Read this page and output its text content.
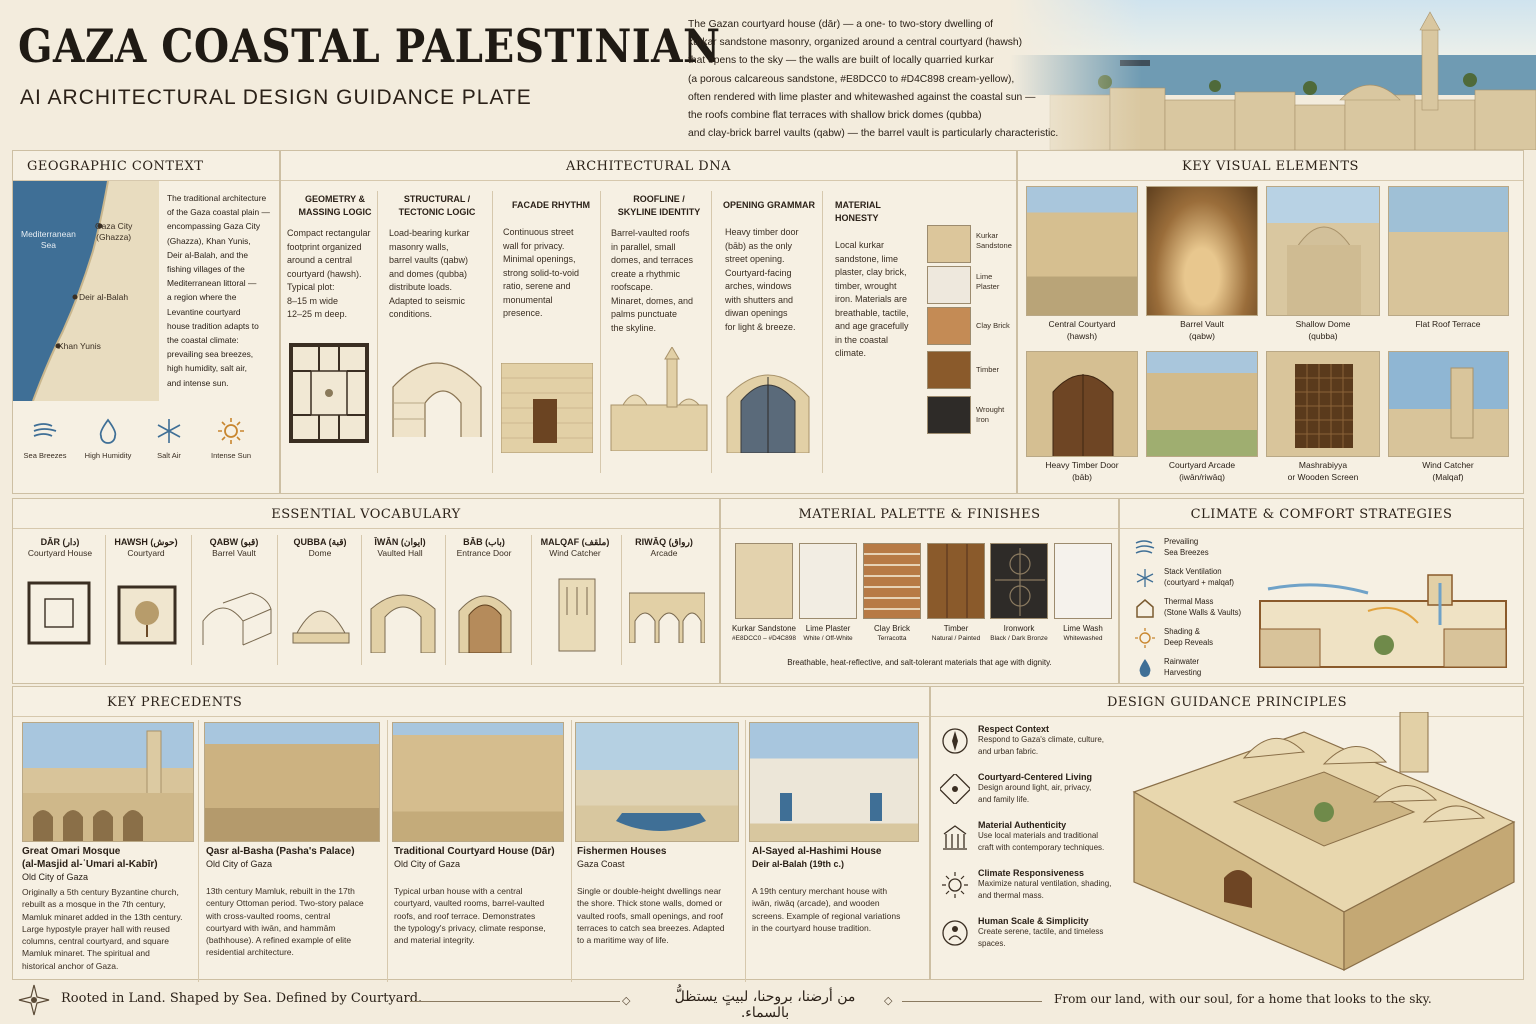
GAZA COASTAL PALESTINIAN
AI ARCHITECTURAL DESIGN GUIDANCE PLATE
The Gazan courtyard house (dār) — a one- to two-story dwelling of
kurkar sandstone masonry, organized around a central courtyard (hawsh)
that opens to the sky — the walls are built of locally quarried kurkar
(a porous calcareous sandstone, #E8DCC0 to #D4C898 cream-yellow),
often rendered with lime plaster and whitewashed against the coastal sun —
the roofs combine flat terraces with shallow brick domes (qubba)
and clay-brick barrel vaults (qabw) — the barrel vault is particularly characteristic.
GEOGRAPHIC CONTEXT
Mediterranean
Sea
Gaza City
(Ghazza)
Deir al-Balah
Khan Yunis
The traditional architecture
of the Gaza coastal plain —
encompassing Gaza City
(Ghazza), Khan Yunis,
Deir al-Balah, and the
fishing villages of the
Mediterranean littoral —
a region where the
Levantine courtyard
house tradition adapts to
the coastal climate:
prevailing sea breezes,
high humidity, salt air,
and intense sun.
Sea Breezes	High Humidity	Salt Air	Intense Sun
ARCHITECTURAL DNA
GEOMETRY &
MASSING LOGIC
Compact rectangular
footprint organized
around a central
courtyard (hawsh).
Typical plot:
8–15 m wide
12–25 m deep.
STRUCTURAL /
TECTONIC LOGIC
Load-bearing kurkar
masonry walls,
barrel vaults (qabw)
and domes (qubba)
distribute loads.
Adapted to seismic
conditions.
FACADE RHYTHM
Continuous street
wall for privacy.
Minimal openings,
strong solid-to-void
ratio, serene and
monumental
presence.
ROOFLINE /
SKYLINE IDENTITY
Barrel-vaulted roofs
in parallel, small
domes, and terraces
create a rhythmic
roofscape.
Minaret, domes, and
palms punctuate
the skyline.
OPENING GRAMMAR
Heavy timber door
(bāb) as the only
street opening.
Courtyard-facing
arches, windows
with shutters and
diwan openings
for light & breeze.
MATERIAL HONESTY
Local kurkar
sandstone, lime
plaster, clay brick,
timber, wrought
iron. Materials are
breathable, tactile,
and age gracefully
in the coastal
climate.
Kurkar
Sandstone
Lime
Plaster
Clay Brick
Timber
Wrought
Iron
KEY VISUAL ELEMENTS
Central Courtyard
(hawsh)
Barrel Vault
(qabw)
Shallow Dome
(qubba)
Flat Roof Terrace
Heavy Timber Door
(bāb)
Courtyard Arcade
(iwān/riwāq)
Mashrabiyya
or Wooden Screen
Wind Catcher
(Malqaf)
ESSENTIAL VOCABULARY
DĀR (دار)
Courtyard House
HAWSH (حوش)
Courtyard
QABW (قبو)
Barrel Vault
QUBBA (قبة)
Dome
ĪWĀN (ايوان)
Vaulted Hall
BĀB (باب)
Entrance Door
MALQAF (ملقف)
Wind Catcher
RIWĀQ (رواق)
Arcade
MATERIAL PALETTE & FINISHES
Kurkar Sandstone
#E8DCC0 – #D4C898
Lime Plaster
White / Off-White
Clay Brick
Terracotta
Timber
Natural / Painted
Ironwork
Black / Dark Bronze
Lime Wash
Whitewashed
Breathable, heat-reflective, and salt-tolerant materials that age with dignity.
CLIMATE & COMFORT STRATEGIES
Prevailing
Sea Breezes
Stack Ventilation
(courtyard + malqaf)
Thermal Mass
(Stone Walls & Vaults)
Shading &
Deep Reveals
Rainwater
Harvesting
KEY PRECEDENTS
Great Omari Mosque
(al-Masjid al-ʿUmari al-Kabīr)
Old City of Gaza
Originally a 5th century Byzantine church,
rebuilt as a mosque in the 7th century,
Mamluk minaret added in the 13th century.
Large hypostyle prayer hall with reused
columns, central courtyard, and square
Mamluk minaret. The spiritual and
historical anchor of Gaza.
Qasr al-Basha (Pasha's Palace)
Old City of Gaza
13th century Mamluk, rebuilt in the 17th
century Ottoman period. Two-story palace
with cross-vaulted rooms, central
courtyard with iwān, and hammām
(bathhouse). A refined example of elite
residential architecture.
Traditional Courtyard House (Dār)
Old City of Gaza
Typical urban house with a central
courtyard, vaulted rooms, barrel-vaulted
roofs, and roof terrace. Demonstrates
the typology's privacy, climate response,
and material integrity.
Fishermen Houses
Gaza Coast
Single or double-height dwellings near
the shore. Thick stone walls, domed or
vaulted roofs, small openings, and roof
terraces to catch sea breezes. Adapted
to a maritime way of life.
Al-Sayed al-Hashimi House
Deir al-Balah (19th c.)
A 19th century merchant house with
iwān, riwāq (arcade), and wooden
screens. Example of regional variations
in the courtyard house tradition.
DESIGN GUIDANCE PRINCIPLES
Respect Context
Respond to Gaza's climate, culture,
and urban fabric.
Courtyard-Centered Living
Design around light, air, privacy,
and family life.
Material Authenticity
Use local materials and traditional
craft with contemporary techniques.
Climate Responsiveness
Maximize natural ventilation, shading,
and thermal mass.
Human Scale & Simplicity
Create serene, tactile, and timeless
spaces.
Rooted in Land. Shaped by Sea. Defined by Courtyard.	◇	من أرضنا، بروحنا، لبيتٍ يستظلُّ بالسماء.
◇	From our land, with our soul, for a home that looks to the sky.
